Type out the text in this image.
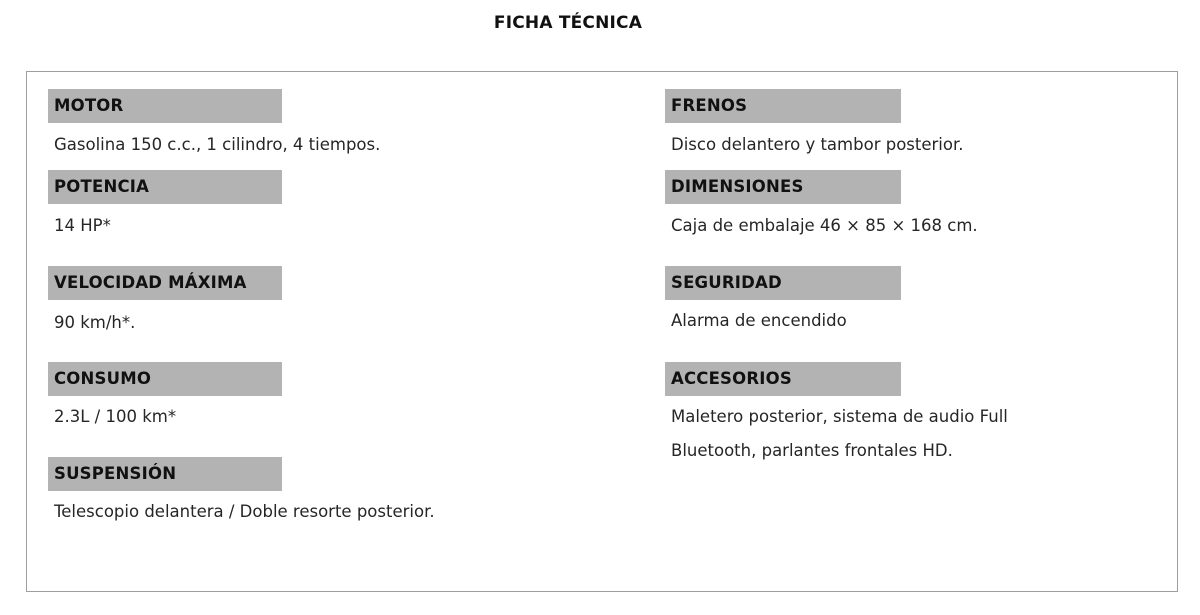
FICHA TÉCNICA
MOTOR
Gasolina 150 c.c., 1 cilindro, 4 tiempos.
POTENCIA
14 HP*
VELOCIDAD MÁXIMA
90 km/h*.
CONSUMO
2.3L / 100 km*
SUSPENSIÓN
Telescopio delantera / Doble resorte posterior.
FRENOS
Disco delantero y tambor posterior.
DIMENSIONES
Caja de embalaje 46 × 85 × 168 cm.
SEGURIDAD
Alarma de encendido
ACCESORIOS
Maletero posterior, sistema de audio Full
Bluetooth, parlantes frontales HD.
